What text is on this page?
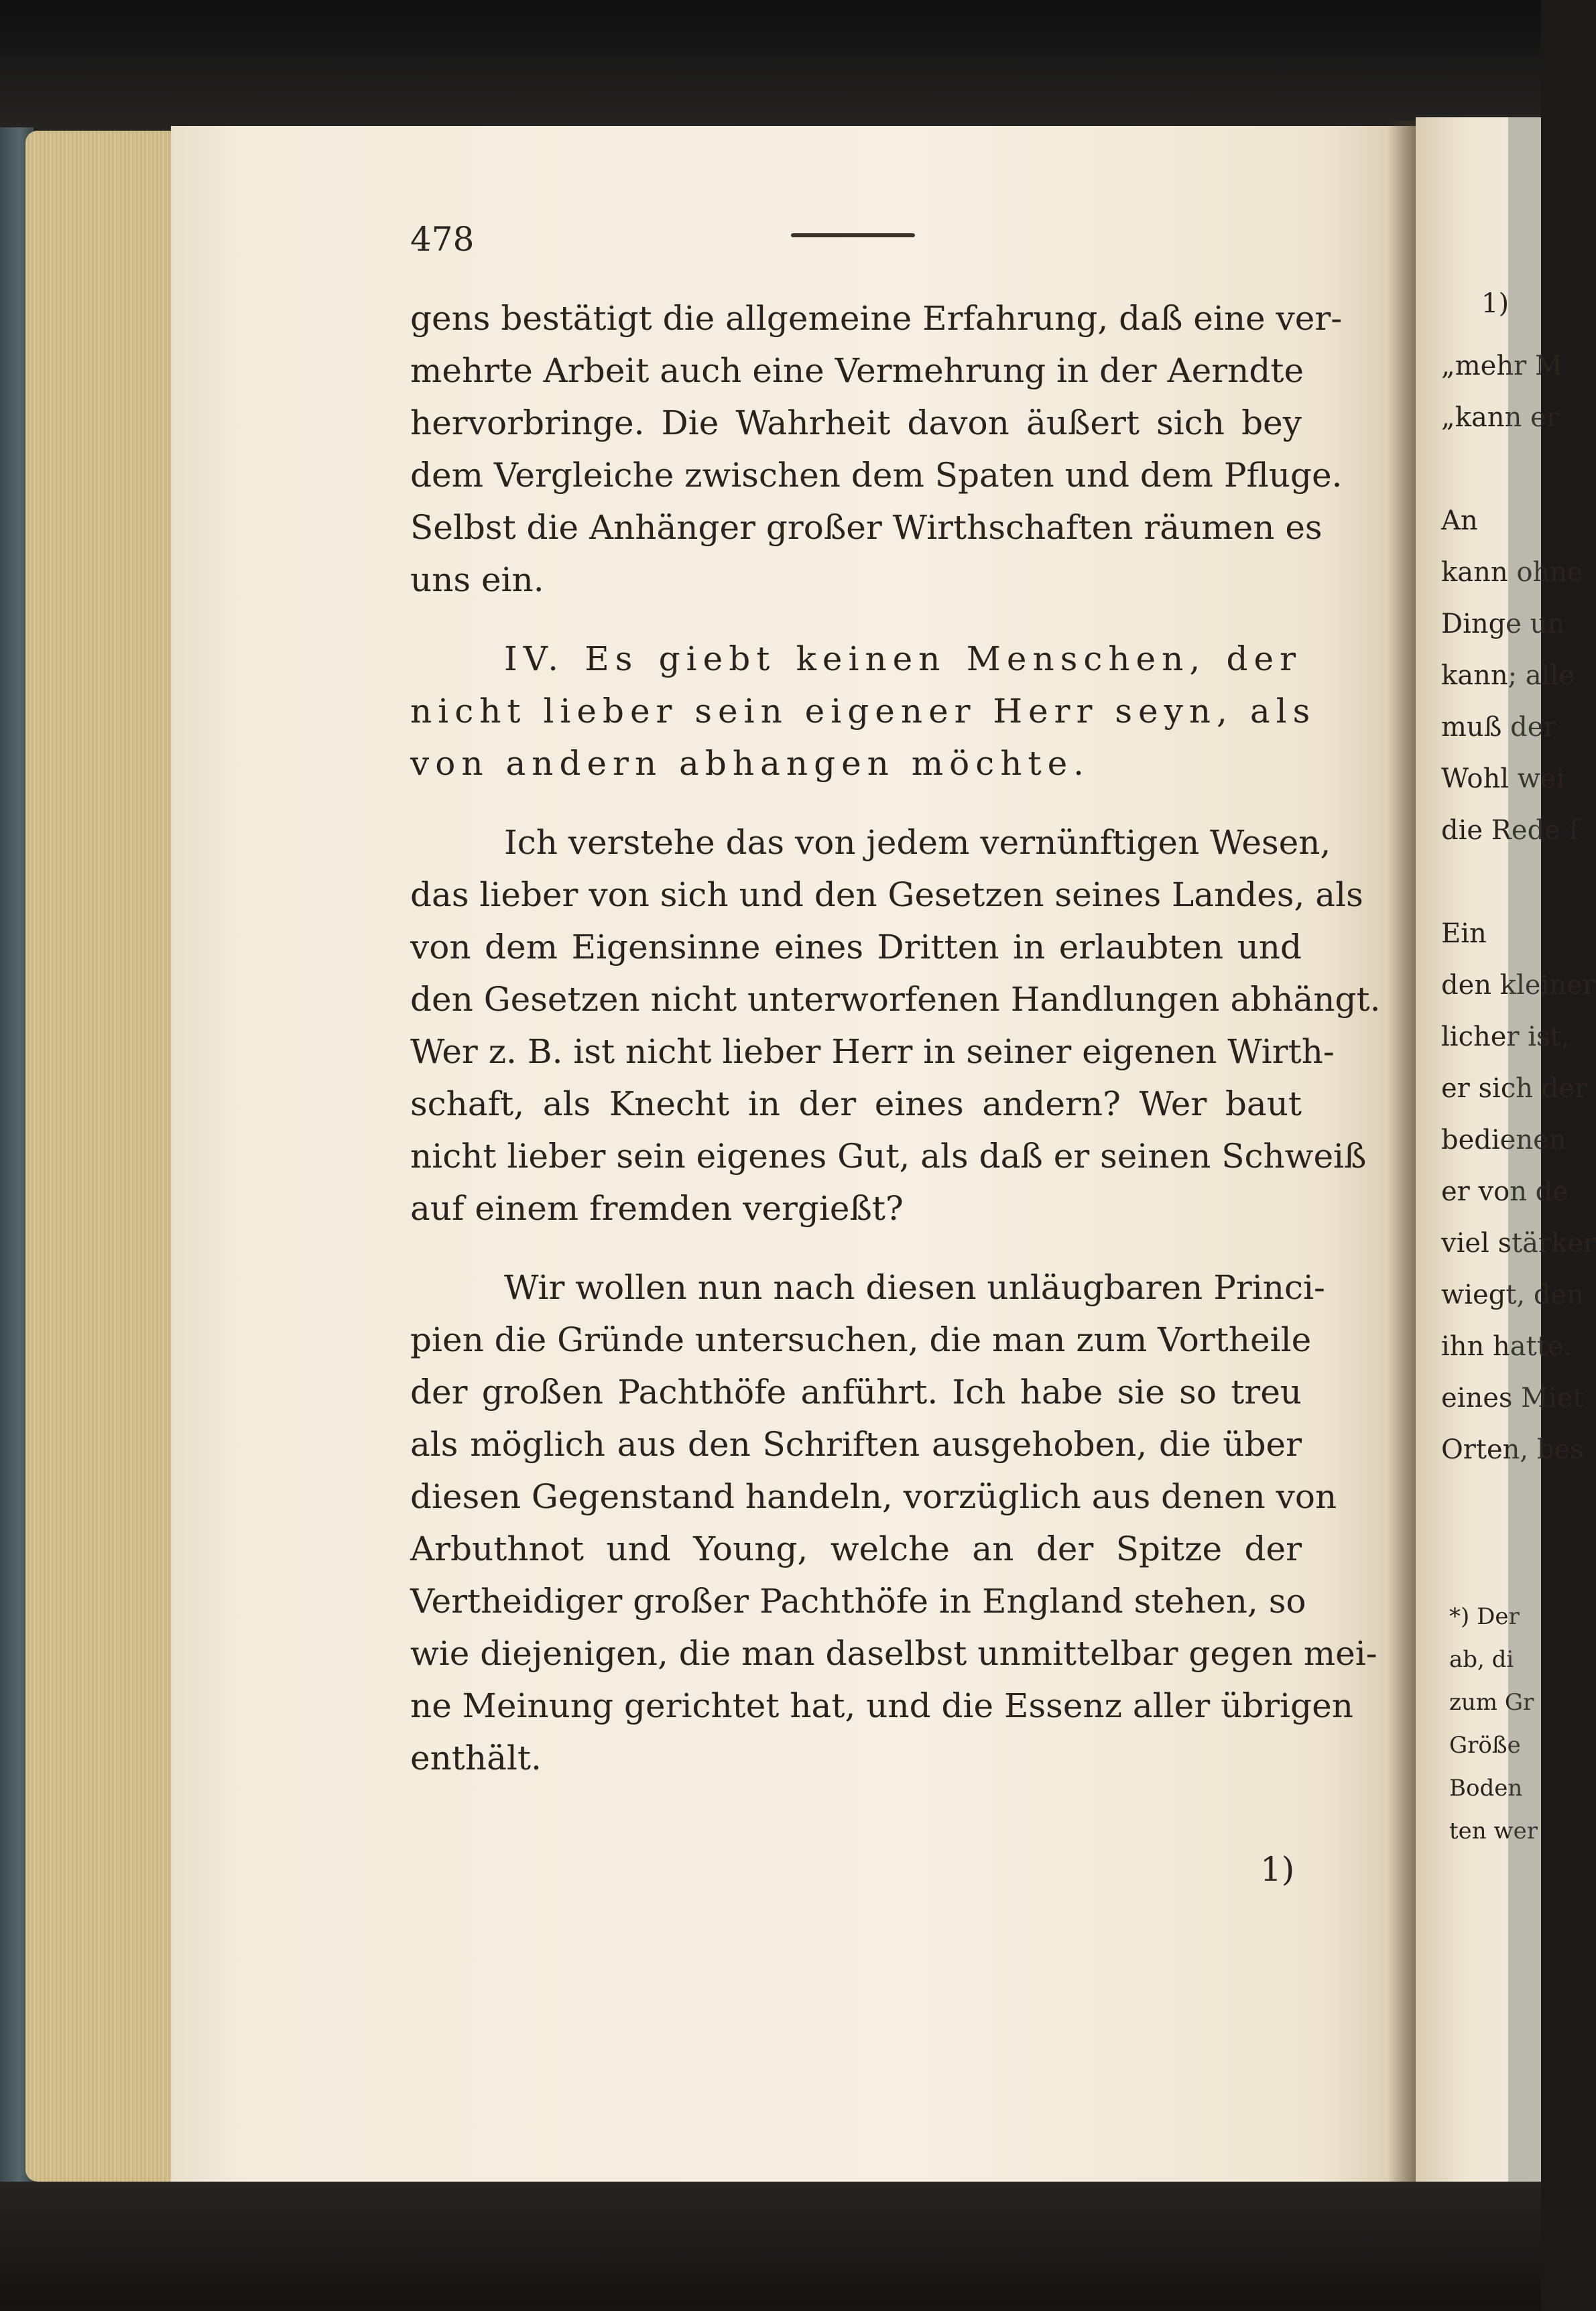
478
gens bestätigt die allgemeine Erfahrung, daß eine ver-
mehrte Arbeit auch eine Vermehrung in der Aerndte
hervorbringe. Die Wahrheit davon äußert sich bey
dem Vergleiche zwischen dem Spaten und dem Pfluge.
Selbst die Anhänger großer Wirthschaften räumen es
uns ein.
IV. Es giebt keinen Menschen, der
nicht lieber sein eigener Herr seyn, als
von andern abhangen möchte.
Ich verstehe das von jedem vernünftigen Wesen,
das lieber von sich und den Gesetzen seines Landes, als
von dem Eigensinne eines Dritten in erlaubten und
den Gesetzen nicht unterworfenen Handlungen abhängt.
Wer z. B. ist nicht lieber Herr in seiner eigenen Wirth-
schaft, als Knecht in der eines andern? Wer baut
nicht lieber sein eigenes Gut, als daß er seinen Schweiß
auf einem fremden vergießt?
Wir wollen nun nach diesen unläugbaren Princi-
pien die Gründe untersuchen, die man zum Vortheile
der großen Pachthöfe anführt. Ich habe sie so treu
als möglich aus den Schriften ausgehoben, die über
diesen Gegenstand handeln, vorzüglich aus denen von
Arbuthnot und Young, welche an der Spitze der
Vertheidiger großer Pachthöfe in England stehen, so
wie diejenigen, die man daselbst unmittelbar gegen mei-
ne Meinung gerichtet hat, und die Essenz aller übrigen
enthält.
1)
1)
„mehr M
„kann er
An
kann ohne
Dinge un
kann; alle
muß der
Wohl wei
die Rede f
Ein
den kleiner
licher ist,
er sich der
bedienen
er von de
viel stärker
wiegt, den
ihn hatte.
eines Miet
Orten, bes
*) Der
ab, di
zum Gr
Größe
Boden
ten wer
